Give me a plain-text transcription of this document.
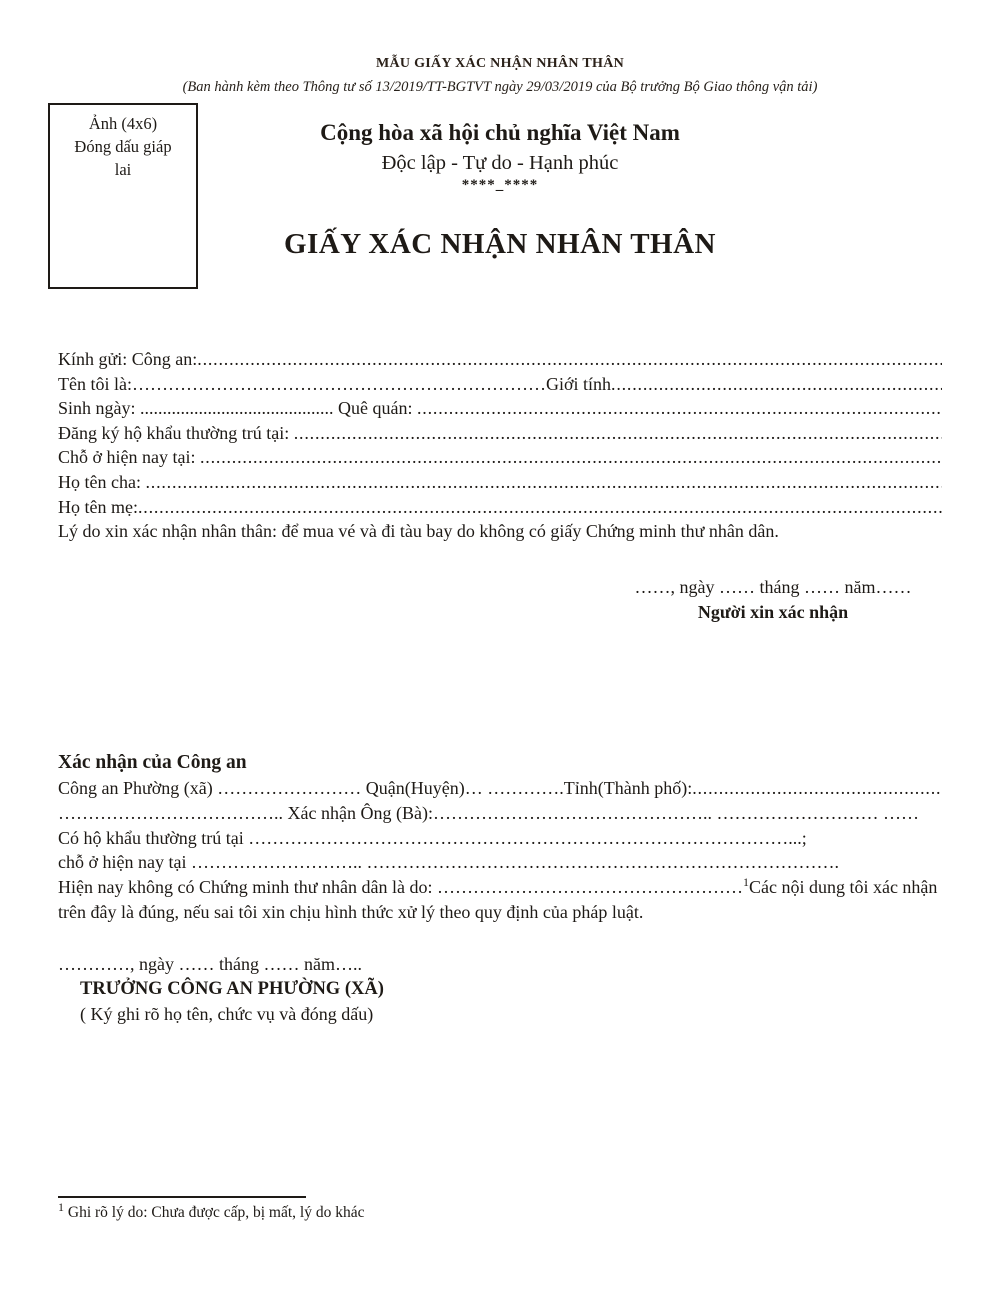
Ảnh (4x6)
Đóng dấu giáp
lai
MẪU GIẤY XÁC NHẬN NHÂN THÂN
(Ban hành kèm theo Thông tư số 13/2019/TT-BGTVT ngày 29/03/2019 của Bộ trưởng Bộ Giao thông vận tải)
Cộng hòa xã hội chủ nghĩa Việt Nam
Độc lập - Tự do - Hạnh phúc
****_****
GIẤY XÁC NHẬN NHÂN THÂN
Kính gửi: Công an:
.....
Tên tôi là: …………………………………………………………… Giới tính
.....
Sinh ngày: ........................................... Quê quán:
.....
Đăng ký hộ khẩu thường trú tại:
.....
Chỗ ở hiện nay tại:
.....
Họ tên cha:
.....
Họ tên mẹ:
.....
Lý do xin xác nhận nhân thân: để mua vé và đi tàu bay do không có giấy Chứng minh thư nhân dân.
……, ngày …… tháng …… năm……
Người xin xác nhận
Xác nhận của Công an
Công an Phường (xã) …………………… Quận(Huyện)… ………….Tỉnh(Thành phố):
.....
……………………………….. Xác nhận Ông (Bà):……………………………………….. ……………………… ……
Có hộ khẩu thường trú tại ………………………………………………………………………………...;
chỗ ở hiện nay tại ……………………….. …………………………………………………………………….

Hiện nay không có Chứng minh thư nhân dân là do: ……………………………………………$^1$Các nội dung tôi xác nhận trên đây là đúng, nếu sai tôi xin chịu hình thức xử lý theo quy định của pháp luật.

…………, ngày …… tháng …… năm…..
TRƯỞNG CÔNG AN PHƯỜNG (XÃ)
( Ký ghi rõ họ tên, chức vụ và đóng dấu)
$^1$ Ghi rõ lý do: Chưa được cấp, bị mất, lý do khác
